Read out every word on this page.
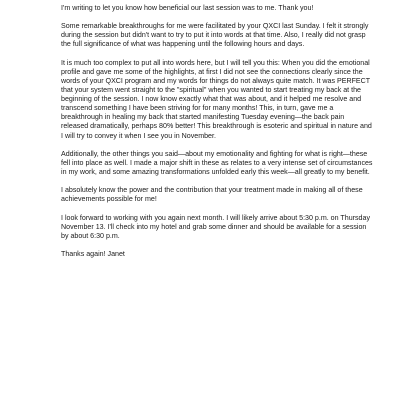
I'm writing to let you know how beneficial our last session was to me. Thank you!

Some remarkable breakthroughs for me were facilitated by your QXCI last Sunday. I felt it strongly during the session but didn't want to try to put it into words at that time. Also, I really did not grasp the full significance of what was happening until the following hours and days.

It is much too complex to put all into words here, but I will tell you this: When you did the emotional profile and gave me some of the highlights, at first I did not see the connections clearly since the words of your QXCI program and my words for things do not always quite match. It was PERFECT that your system went straight to the "spiritual" when you wanted to start treating my back at the beginning of the session. I now know exactly what that was about, and it helped me resolve and transcend something I have been striving for for many months! This, in turn, gave me a breakthrough in healing my back that started manifesting Tuesday evening—the back pain released dramatically, perhaps 80% better! This breakthrough is esoteric and spiritual in nature and I will try to convey it when I see you in November.

Additionally, the other things you said—about my emotionality and fighting for what is right—these fell into place as well. I made a major shift in these as relates to a very intense set of circumstances in my work, and some amazing transformations unfolded early this week—all greatly to my benefit.

I absolutely know the power and the contribution that your treatment made in making all of these achievements possible for me!

I look forward to working with you again next month. I will likely arrive about 5:30 p.m. on Thursday November 13. I'll check into my hotel and grab some dinner and should be available for a session by about 6:30 p.m.

Thanks again! Janet
